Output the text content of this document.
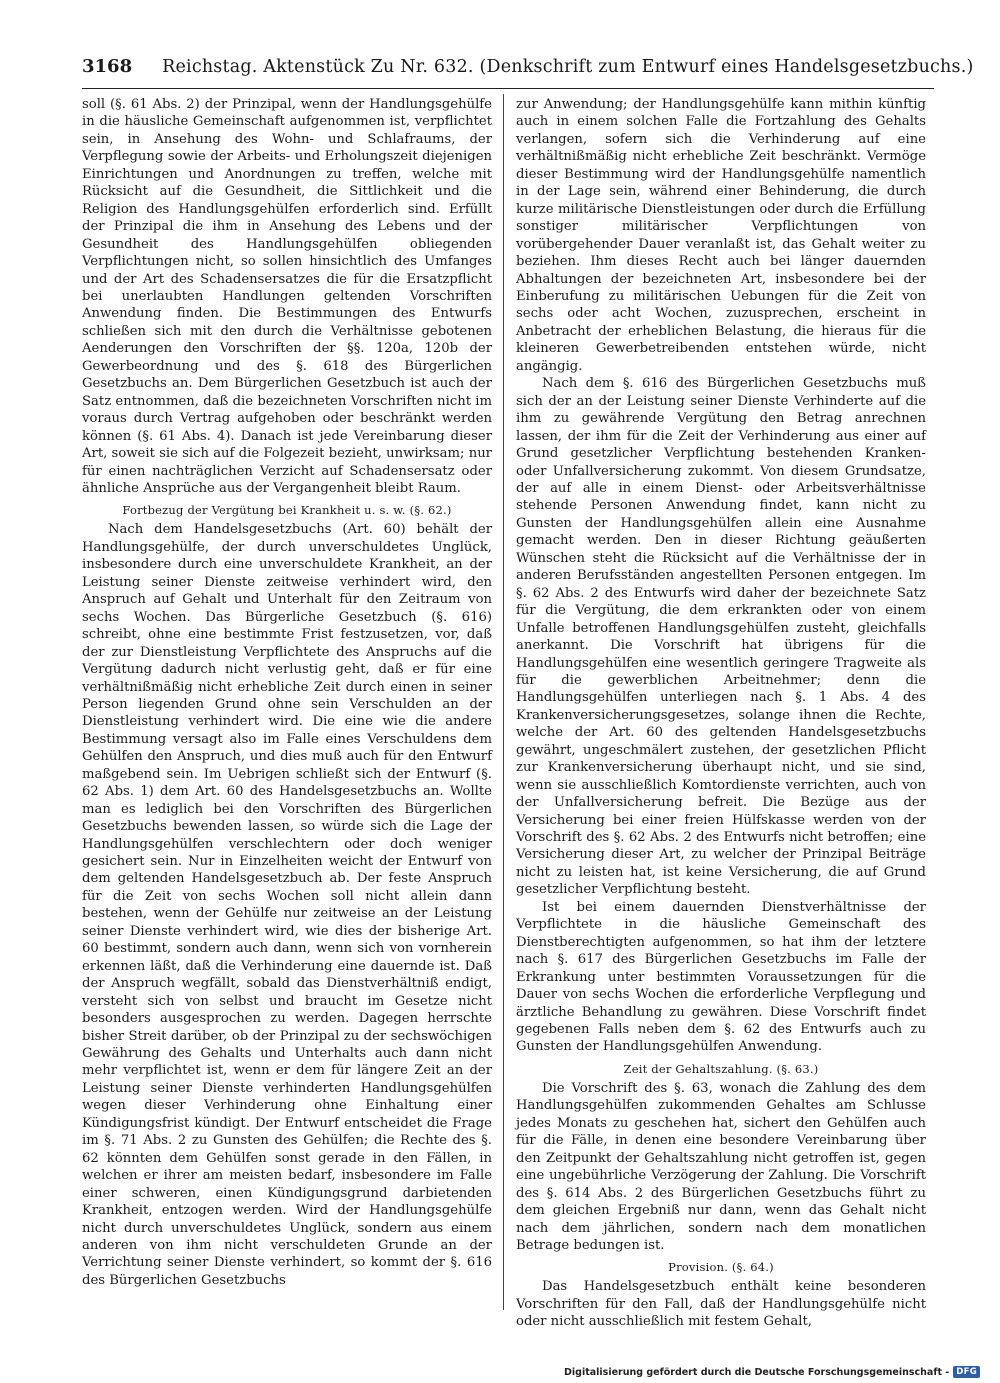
3168 Reichstag. Aktenstück Zu Nr. 632. (Denkschrift zum Entwurf eines Handelsgesetzbuchs.)

soll (§. 61 Abs. 2) der Prinzipal, wenn der Handlungsgehülfe in die häusliche Gemeinschaft aufgenommen ist, verpflichtet sein, in Ansehung des Wohn- und Schlafraums, der Verpflegung sowie der Arbeits- und Erholungszeit diejenigen Einrichtungen und Anordnungen zu treffen, welche mit Rücksicht auf die Gesundheit, die Sittlichkeit und die Religion des Handlungsgehülfen erforderlich sind. Erfüllt der Prinzipal die ihm in Ansehung des Lebens und der Gesundheit des Handlungsgehülfen obliegenden Verpflichtungen nicht, so sollen hinsichtlich des Umfanges und der Art des Schadensersatzes die für die Ersatzpflicht bei unerlaubten Handlungen geltenden Vorschriften Anwendung finden. Die Bestimmungen des Entwurfs schließen sich mit den durch die Verhältnisse gebotenen Aenderungen den Vorschriften der §§. 120a, 120b der Gewerbeordnung und des §. 618 des Bürgerlichen Gesetzbuchs an. Dem Bürgerlichen Gesetzbuch ist auch der Satz entnommen, daß die bezeichneten Vorschriften nicht im voraus durch Vertrag aufgehoben oder beschränkt werden können (§. 61 Abs. 4). Danach ist jede Vereinbarung dieser Art, soweit sie sich auf die Folgezeit bezieht, unwirksam; nur für einen nachträglichen Verzicht auf Schadensersatz oder ähnliche Ansprüche aus der Vergangenheit bleibt Raum.

Fortbezug der Vergütung bei Krankheit u. s. w. (§. 62.)

Nach dem Handelsgesetzbuchs (Art. 60) behält der Handlungsgehülfe, der durch unverschuldetes Unglück, insbesondere durch eine unverschuldete Krankheit, an der Leistung seiner Dienste zeitweise verhindert wird, den Anspruch auf Gehalt und Unterhalt für den Zeitraum von sechs Wochen. Das Bürgerliche Gesetzbuch (§. 616) schreibt, ohne eine bestimmte Frist festzusetzen, vor, daß der zur Dienstleistung Verpflichtete des Anspruchs auf die Vergütung dadurch nicht verlustig geht, daß er für eine verhältnißmäßig nicht erhebliche Zeit durch einen in seiner Person liegenden Grund ohne sein Verschulden an der Dienstleistung verhindert wird. Die eine wie die andere Bestimmung versagt also im Falle eines Verschuldens dem Gehülfen den Anspruch, und dies muß auch für den Entwurf maßgebend sein. Im Uebrigen schließt sich der Entwurf (§. 62 Abs. 1) dem Art. 60 des Handelsgesetzbuchs an. Wollte man es lediglich bei den Vorschriften des Bürgerlichen Gesetzbuchs bewenden lassen, so würde sich die Lage der Handlungsgehülfen verschlechtern oder doch weniger gesichert sein. Nur in Einzelheiten weicht der Entwurf von dem geltenden Handelsgesetzbuch ab. Der feste Anspruch für die Zeit von sechs Wochen soll nicht allein dann bestehen, wenn der Gehülfe nur zeitweise an der Leistung seiner Dienste verhindert wird, wie dies der bisherige Art. 60 bestimmt, sondern auch dann, wenn sich von vornherein erkennen läßt, daß die Verhinderung eine dauernde ist. Daß der Anspruch wegfällt, sobald das Dienstverhältniß endigt, versteht sich von selbst und braucht im Gesetze nicht besonders ausgesprochen zu werden. Dagegen herrschte bisher Streit darüber, ob der Prinzipal zu der sechswöchigen Gewährung des Gehalts und Unterhalts auch dann nicht mehr verpflichtet ist, wenn er dem für längere Zeit an der Leistung seiner Dienste verhinderten Handlungsgehülfen wegen dieser Verhinderung ohne Einhaltung einer Kündigungsfrist kündigt. Der Entwurf entscheidet die Frage im §. 71 Abs. 2 zu Gunsten des Gehülfen; die Rechte des §. 62 könnten dem Gehülfen sonst gerade in den Fällen, in welchen er ihrer am meisten bedarf, insbesondere im Falle einer schweren, einen Kündigungsgrund darbietenden Krankheit, entzogen werden. Wird der Handlungsgehülfe nicht durch unverschuldetes Unglück, sondern aus einem anderen von ihm nicht verschuldeten Grunde an der Verrichtung seiner Dienste verhindert, so kommt der §. 616 des Bürgerlichen Gesetzbuchs

zur Anwendung; der Handlungsgehülfe kann mithin künftig auch in einem solchen Falle die Fortzahlung des Gehalts verlangen, sofern sich die Verhinderung auf eine verhältnißmäßig nicht erhebliche Zeit beschränkt. Vermöge dieser Bestimmung wird der Handlungsgehülfe namentlich in der Lage sein, während einer Behinderung, die durch kurze militärische Dienstleistungen oder durch die Erfüllung sonstiger militärischer Verpflichtungen von vorübergehender Dauer veranlaßt ist, das Gehalt weiter zu beziehen. Ihm dieses Recht auch bei länger dauernden Abhaltungen der bezeichneten Art, insbesondere bei der Einberufung zu militärischen Uebungen für die Zeit von sechs oder acht Wochen, zuzusprechen, erscheint in Anbetracht der erheblichen Belastung, die hieraus für die kleineren Gewerbetreibenden entstehen würde, nicht angängig.

Nach dem §. 616 des Bürgerlichen Gesetzbuchs muß sich der an der Leistung seiner Dienste Verhinderte auf die ihm zu gewährende Vergütung den Betrag anrechnen lassen, der ihm für die Zeit der Verhinderung aus einer auf Grund gesetzlicher Verpflichtung bestehenden Kranken- oder Unfallversicherung zukommt. Von diesem Grundsatze, der auf alle in einem Dienst- oder Arbeitsverhältnisse stehende Personen Anwendung findet, kann nicht zu Gunsten der Handlungsgehülfen allein eine Ausnahme gemacht werden. Den in dieser Richtung geäußerten Wünschen steht die Rücksicht auf die Verhältnisse der in anderen Berufsständen angestellten Personen entgegen. Im §. 62 Abs. 2 des Entwurfs wird daher der bezeichnete Satz für die Vergütung, die dem erkrankten oder von einem Unfalle betroffenen Handlungsgehülfen zusteht, gleichfalls anerkannt. Die Vorschrift hat übrigens für die Handlungsgehülfen eine wesentlich geringere Tragweite als für die gewerblichen Arbeitnehmer; denn die Handlungsgehülfen unterliegen nach §. 1 Abs. 4 des Krankenversicherungsgesetzes, solange ihnen die Rechte, welche der Art. 60 des geltenden Handelsgesetzbuchs gewährt, ungeschmälert zustehen, der gesetzlichen Pflicht zur Krankenversicherung überhaupt nicht, und sie sind, wenn sie ausschließlich Komtordienste verrichten, auch von der Unfallversicherung befreit. Die Bezüge aus der Versicherung bei einer freien Hülfskasse werden von der Vorschrift des §. 62 Abs. 2 des Entwurfs nicht betroffen; eine Versicherung dieser Art, zu welcher der Prinzipal Beiträge nicht zu leisten hat, ist keine Versicherung, die auf Grund gesetzlicher Verpflichtung besteht.

Ist bei einem dauernden Dienstverhältnisse der Verpflichtete in die häusliche Gemeinschaft des Dienstberechtigten aufgenommen, so hat ihm der letztere nach §. 617 des Bürgerlichen Gesetzbuchs im Falle der Erkrankung unter bestimmten Voraussetzungen für die Dauer von sechs Wochen die erforderliche Verpflegung und ärztliche Behandlung zu gewähren. Diese Vorschrift findet gegebenen Falls neben dem §. 62 des Entwurfs auch zu Gunsten der Handlungsgehülfen Anwendung.

Zeit der Gehaltszahlung. (§. 63.)

Die Vorschrift des §. 63, wonach die Zahlung des dem Handlungsgehülfen zukommenden Gehaltes am Schlusse jedes Monats zu geschehen hat, sichert den Gehülfen auch für die Fälle, in denen eine besondere Vereinbarung über den Zeitpunkt der Gehaltszahlung nicht getroffen ist, gegen eine ungebührliche Verzögerung der Zahlung. Die Vorschrift des §. 614 Abs. 2 des Bürgerlichen Gesetzbuchs führt zu dem gleichen Ergebniß nur dann, wenn das Gehalt nicht nach dem jährlichen, sondern nach dem monatlichen Betrage bedungen ist.

Provision. (§. 64.)

Das Handelsgesetzbuch enthält keine besonderen Vorschriften für den Fall, daß der Handlungsgehülfe nicht oder nicht ausschließlich mit festem Gehalt,

Digitalisierung gefördert durch die Deutsche Forschungsgemeinschaft - DFG
